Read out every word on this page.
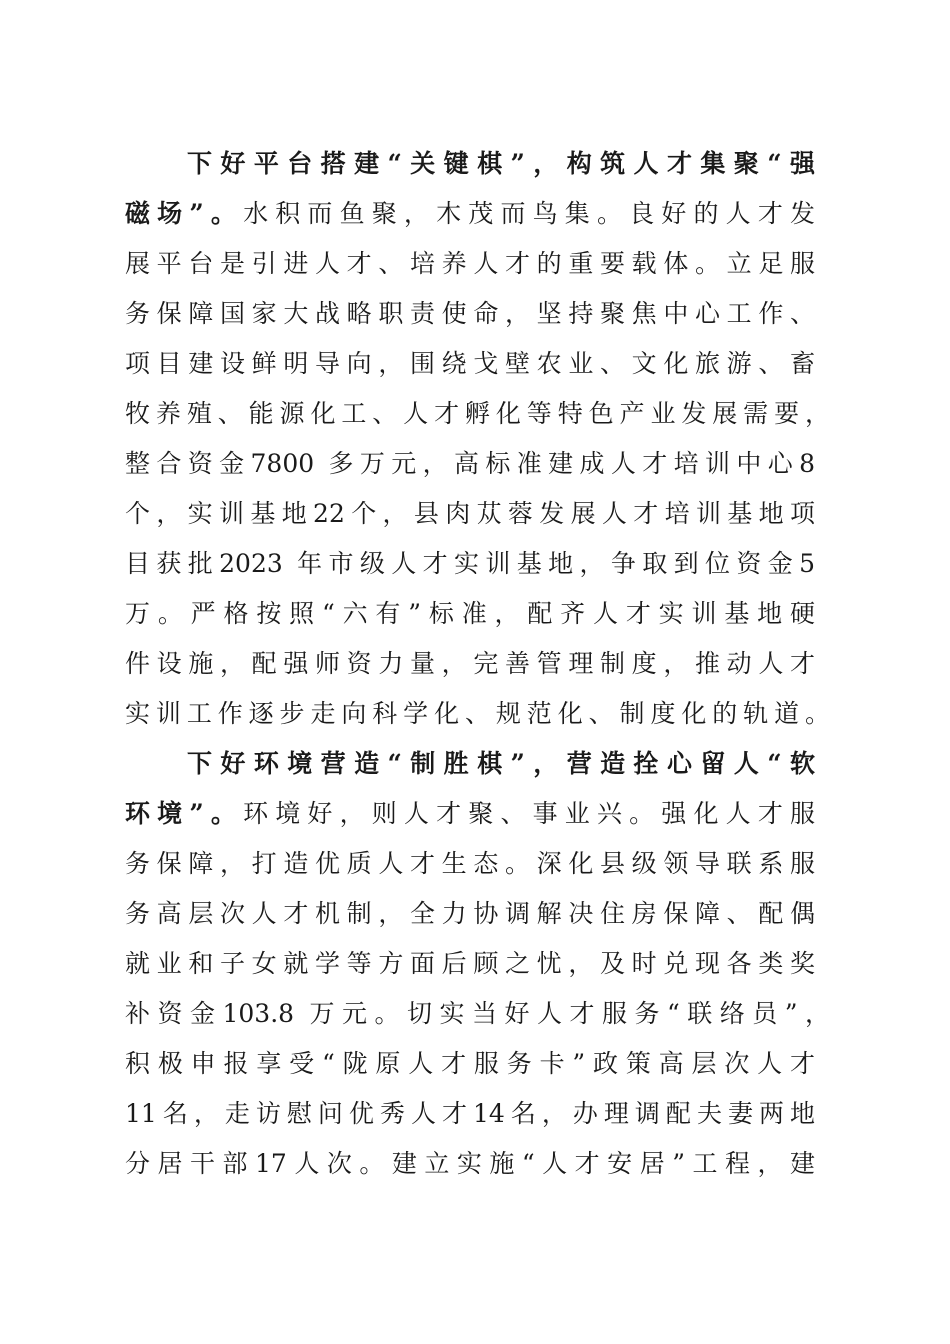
下好平台搭建“关键棋”，构筑人才集聚“强
磁场”。水积而鱼聚，木茂而鸟集。良好的人才发
展平台是引进人才、培养人才的重要载体。立足服
务保障国家大战略职责使命，坚持聚焦中心工作、
项目建设鲜明导向，围绕戈壁农业、文化旅游、畜
牧养殖、能源化工、人才孵化等特色产业发展需要，
整合资金7800 多万元，高标准建成人才培训中心8
个，实训基地22个，县肉苁蓉发展人才培训基地项
目获批2023 年市级人才实训基地，争取到位资金5
万。严格按照“六有”标准，配齐人才实训基地硬
件设施，配强师资力量，完善管理制度，推动人才
实训工作逐步走向科学化、规范化、制度化的轨道。
下好环境营造“制胜棋”，营造拴心留人“软
环境”。环境好，则人才聚、事业兴。强化人才服
务保障，打造优质人才生态。深化县级领导联系服
务高层次人才机制，全力协调解决住房保障、配偶
就业和子女就学等方面后顾之忧，及时兑现各类奖
补资金103.8 万元。切实当好人才服务“联络员”，
积极申报享受“陇原人才服务卡”政策高层次人才
11名，走访慰问优秀人才14名，办理调配夫妻两地
分居干部17人次。建立实施“人才安居”工程，建
